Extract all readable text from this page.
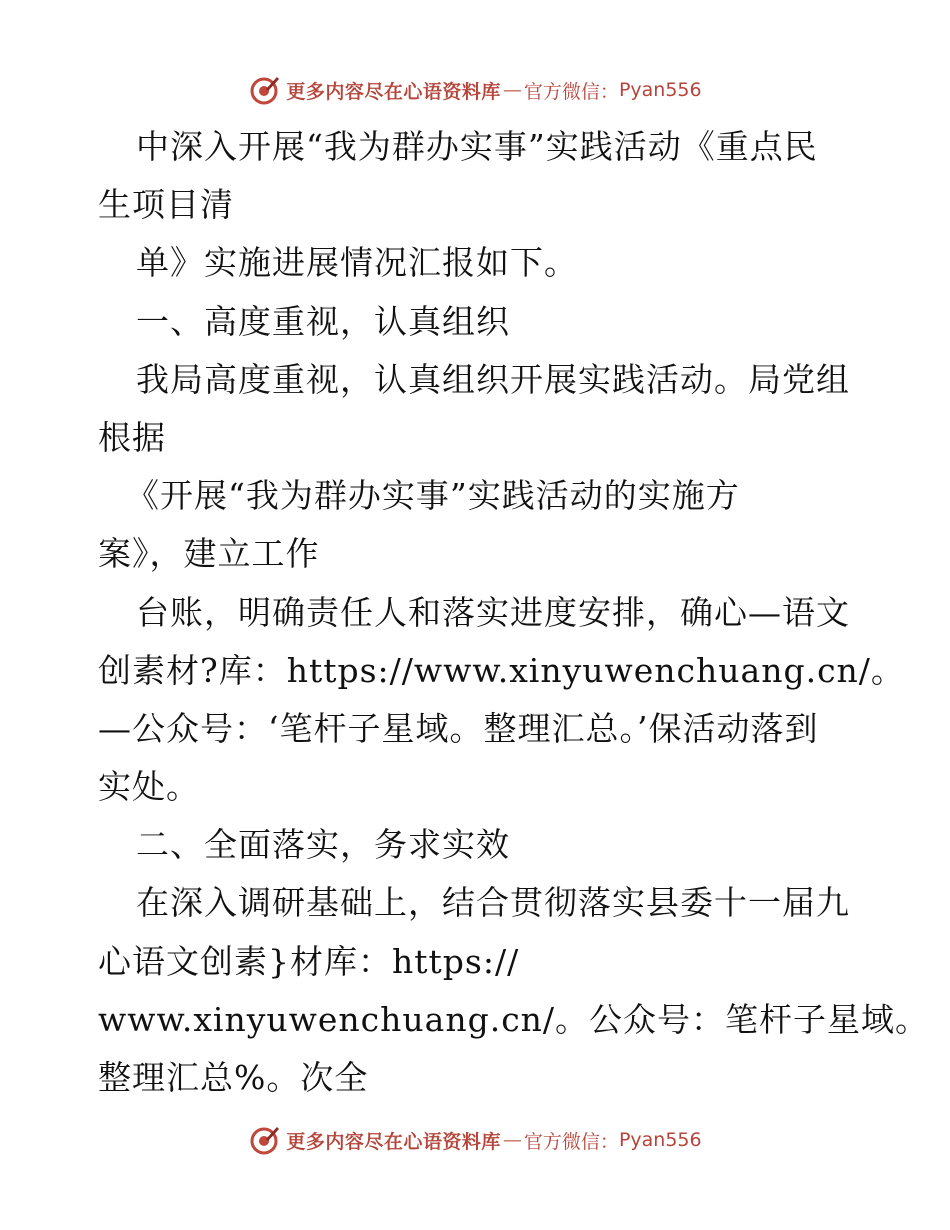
更多内容尽在心语资料库 — 官方微信： Pyan556
中深入开展“我为群办实事”实践活动《重点民
生项目清
单》实施进展情况汇报如下。
一、高度重视，认真组织
我局高度重视，认真组织开展实践活动。局党组
根据
《开展“我为群办实事”实践活动的实施方
案》，建立工作
台账，明确责任人和落实进度安排，确心—语文
创素材?库：https://www.xinyuwenchuang.cn/。
—公众号：‘笔杆子星域。整理汇总。’保活动落到
实处。
二、全面落实，务求实效
在深入调研基础上，结合贯彻落实县委十一届九
心语文创素}材库：https://
www.xinyuwenchuang.cn/。公众号：笔杆子星域。
整理汇总%。次全
更多内容尽在心语资料库 — 官方微信： Pyan556
